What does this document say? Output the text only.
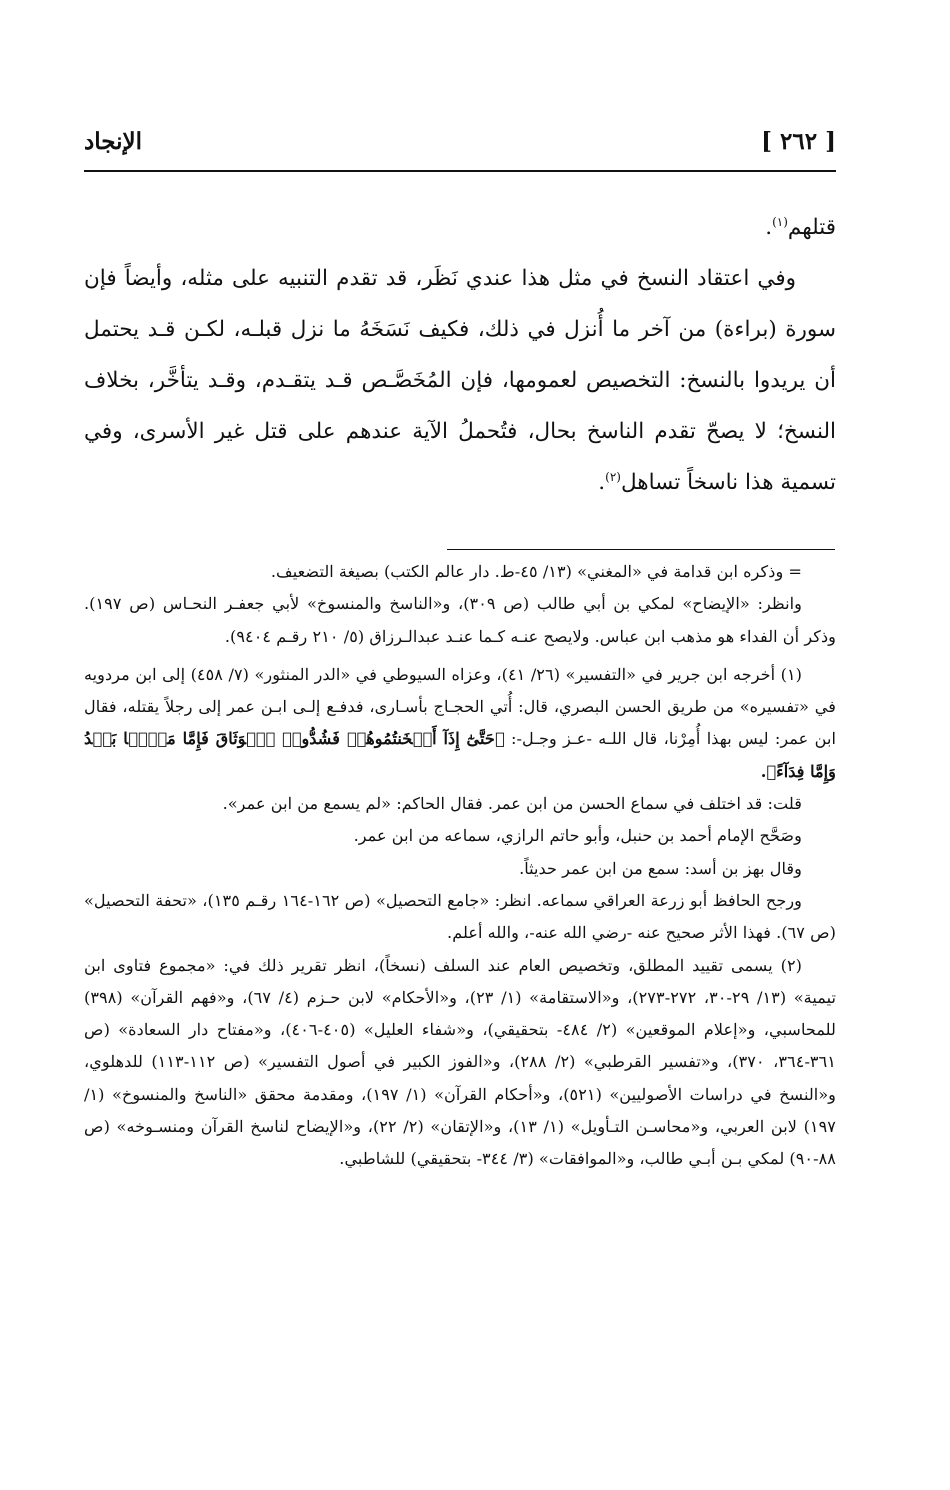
[ ٢٦٢ ]
الإنجاد

قتلهم$^{(١)}$.

وفي اعتقاد النسخ في مثل هذا عندي نَظَر، قد تقدم التنبيه على مثله، وأيضاً فإن سورة (براءة) من آخر ما أُنزل في ذلك، فكيف نَسَخَهُ ما نزل قبلـه، لكـن قـد يحتمل أن يريدوا بالنسخ: التخصيص لعمومها، فإن المُخَصَّـص قـد يتقـدم، وقـد يتأخَّر، بخلاف النسخ؛ لا يصحّ تقدم الناسخ بحال، فتُحملُ الآية عندهم على قتل غير الأسرى، وفي تسمية هذا ناسخاً تساهل$^{(٢)}$.

= وذكره ابن قدامة في «المغني» (١٣/ ٤٥-ط. دار عالم الكتب) بصيغة التضعيف.

وانظر: «الإيضاح» لمكي بن أبي طالب (ص ٣٠٩)، و«الناسخ والمنسوخ» لأبي جعفـر النحـاس (ص ١٩٧). وذكر أن الفداء هو مذهب ابن عباس. ولايصح عنـه كـما عنـد عبدالـرزاق (٥/ ٢١٠ رقـم ٩٤٠٤).

(١) أخرجه ابن جرير في «التفسير» (٢٦/ ٤١)، وعزاه السيوطي في «الدر المنثور» (٧/ ٤٥٨) إلى ابن مردويه في «تفسيره» من طريق الحسن البصري، قال: أُتي الحجـاج بأسـارى، فدفـع إلـى ابـن عمر إلى رجلاً يقتله، فقال ابن عمر: ليس بهذا أُمِرْنا، قال اللـه -عـز وجـل-: ﴿حَتَّىٰٓ إِذَآ أَثۡخَنتُمُوهُمۡ فَشُدُّوا۟ ٱلۡوَثَاقَ فَإِمَّا مَنَّۢا بَعۡدُ وَإِمَّا فِدَآءً﴾.

قلت: قد اختلف في سماع الحسن من ابن عمر. فقال الحاكم: «لم يسمع من ابن عمر».

وصَحَّح الإمام أحمد بن حنبل، وأبو حاتم الرازي، سماعه من ابن عمر.

وقال بهز بن أسد: سمع من ابن عمر حديثاً.

ورجح الحافظ أبو زرعة العراقي سماعه. انظر: «جامع التحصيل» (ص ١٦٢-١٦٤ رقـم ١٣٥)، «تحفة التحصيل» (ص ٦٧). فهذا الأثر صحيح عنه -رضي الله عنه-، والله أعلم.

(٢) يسمى تقييد المطلق، وتخصيص العام عند السلف (نسخاً)، انظر تقرير ذلك في: «مجموع فتاوى ابن تيمية» (١٣/ ٢٩-٣٠، ٢٧٢-٢٧٣)، و«الاستقامة» (١/ ٢٣)، و«الأحكام» لابن حـزم (٤/ ٦٧)، و«فهم القرآن» (٣٩٨) للمحاسبي، و«إعلام الموقعين» (٢/ ٤٨٤- بتحقيقي)، و«شفاء العليل» (٤٠٥-٤٠٦)، و«مفتاح دار السعادة» (ص ٣٦١-٣٦٤، ٣٧٠)، و«تفسير القرطبي» (٢/ ٢٨٨)، و«الفوز الكبير في أصول التفسير» (ص ١١٢-١١٣) للدهلوي، و«النسخ في دراسات الأصوليين» (٥٢١)، و«أحكام القرآن» (١/ ١٩٧)، ومقدمة محقق «الناسخ والمنسوخ» (١/ ١٩٧) لابن العربي، و«محاسـن التـأويل» (١/ ١٣)، و«الإتقان» (٢/ ٢٢)، و«الإيضاح لناسخ القرآن ومنسـوخه» (ص ٨٨-٩٠) لمكي بـن أبـي طالب، و«الموافقات» (٣/ ٣٤٤- بتحقيقي) للشاطبي.
